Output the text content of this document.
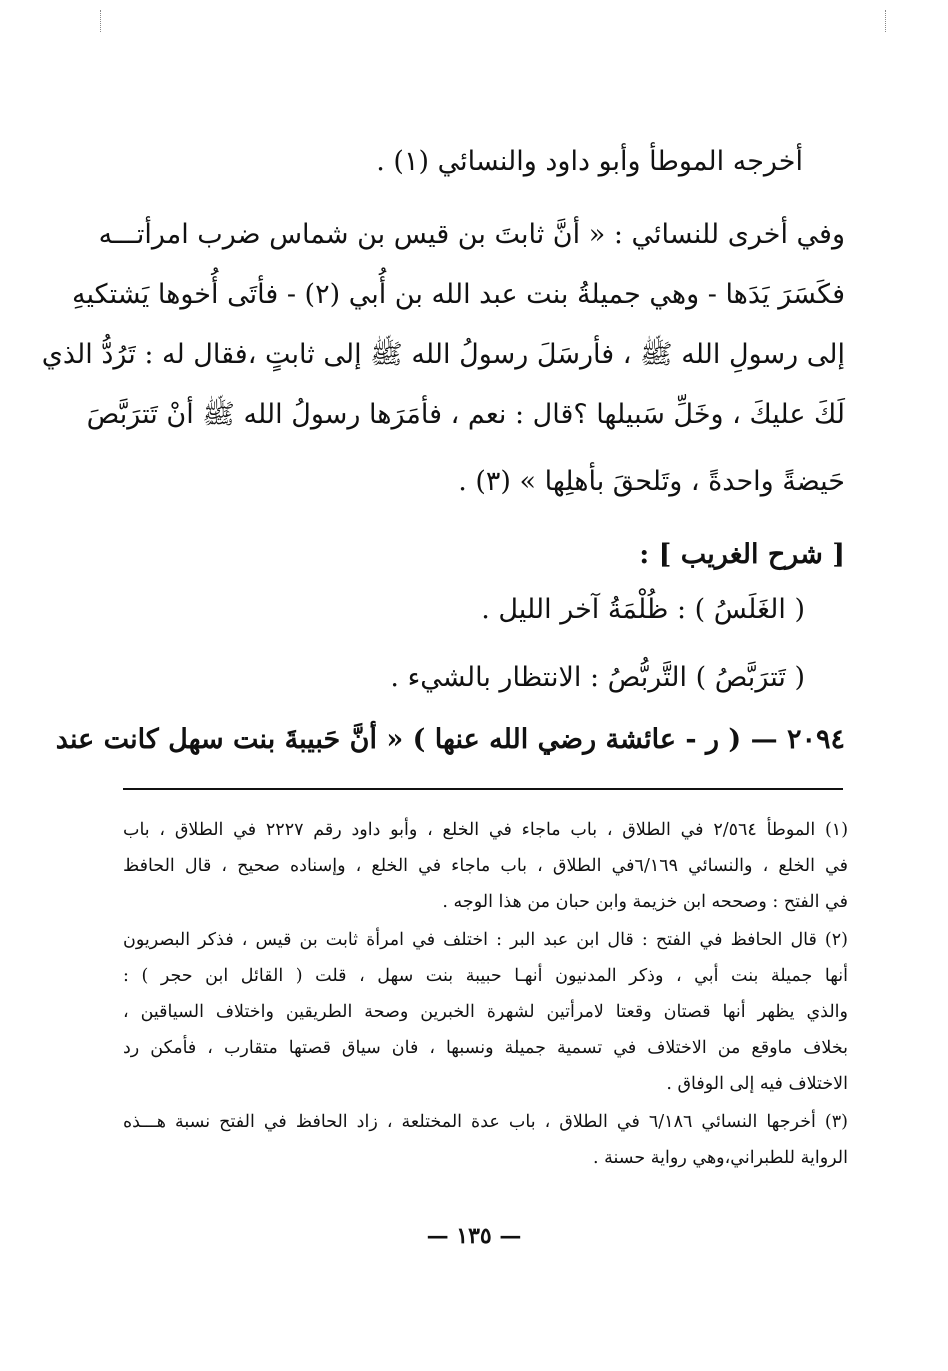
أخرجه الموطأ وأبو داود والنسائي (١) .
وفي أخرى للنسائي : « أنَّ ثابتَ بن قيس بن شماس ضرب امرأتـــه
فكَسَرَ يَدَها - وهي جميلةُ بنت عبد الله بن أُبي (٢) - فأتَى أُخوها يَشتكيهِ
إلى رسولِ الله ﷺ ، فأرسَلَ رسولُ الله ﷺ إلى ثابتٍ ،فقال له : تَرُدُّ الذي
لَكَ عليكَ ، وخَلِّ سَبيلها ؟قال : نعم ، فأمَرَها رسولُ الله ﷺ أنْ تَترَبَّصَ
حَيضةً واحدةً ، وتَلحقَ بأهلِها » (٣) .
[ شرح الغريب ] :
( الغَلَسُ ) : ظُلْمَةُ آخر الليل .
( تَترَبَّصُ ) التَّربُّصُ : الانتظار بالشيء .
٢٠٩٤ — ( ر - عائشة رضي الله عنها ) « أنَّ حَبيبةَ بنت سهل كانت عند
(١) الموطأ ٢/٥٦٤ في الطلاق ، باب ماجاء في الخلع ، وأبو داود رقم ٢٢٢٧ في الطلاق ، باب
في الخلع ، والنسائي ٦/١٦٩في الطلاق ، باب ماجاء في الخلع ، وإسناده صحيح ، قال الحافظ
في الفتح : وصححه ابن خزيمة وابن حبان من هذا الوجه .
(٢) قال الحافظ في الفتح : قال ابن عبد البر : اختلف في امرأة ثابت بن قيس ، فذكر البصريون
أنها جميلة بنت أبي ، وذكر المدنيون أنهـا حبيبة بنت سهل ، قلت ( القائل ابن حجر ) :
والذي يظهر أنها قصتان وقعتا لامرأتين لشهرة الخبرين وصحة الطريقين واختلاف السياقين ،
بخلاف ماوقع من الاختلاف في تسمية جميلة ونسبها ، فان سياق قصتها متقارب ، فأمكن رد
الاختلاف فيه إلى الوفاق .
(٣) أخرجها النسائي ٦/١٨٦ في الطلاق ، باب عدة المختلعة ، زاد الحافظ في الفتح نسبة هـــذه
الرواية للطبراني،وهي رواية حسنة .
— ١٣٥ —
